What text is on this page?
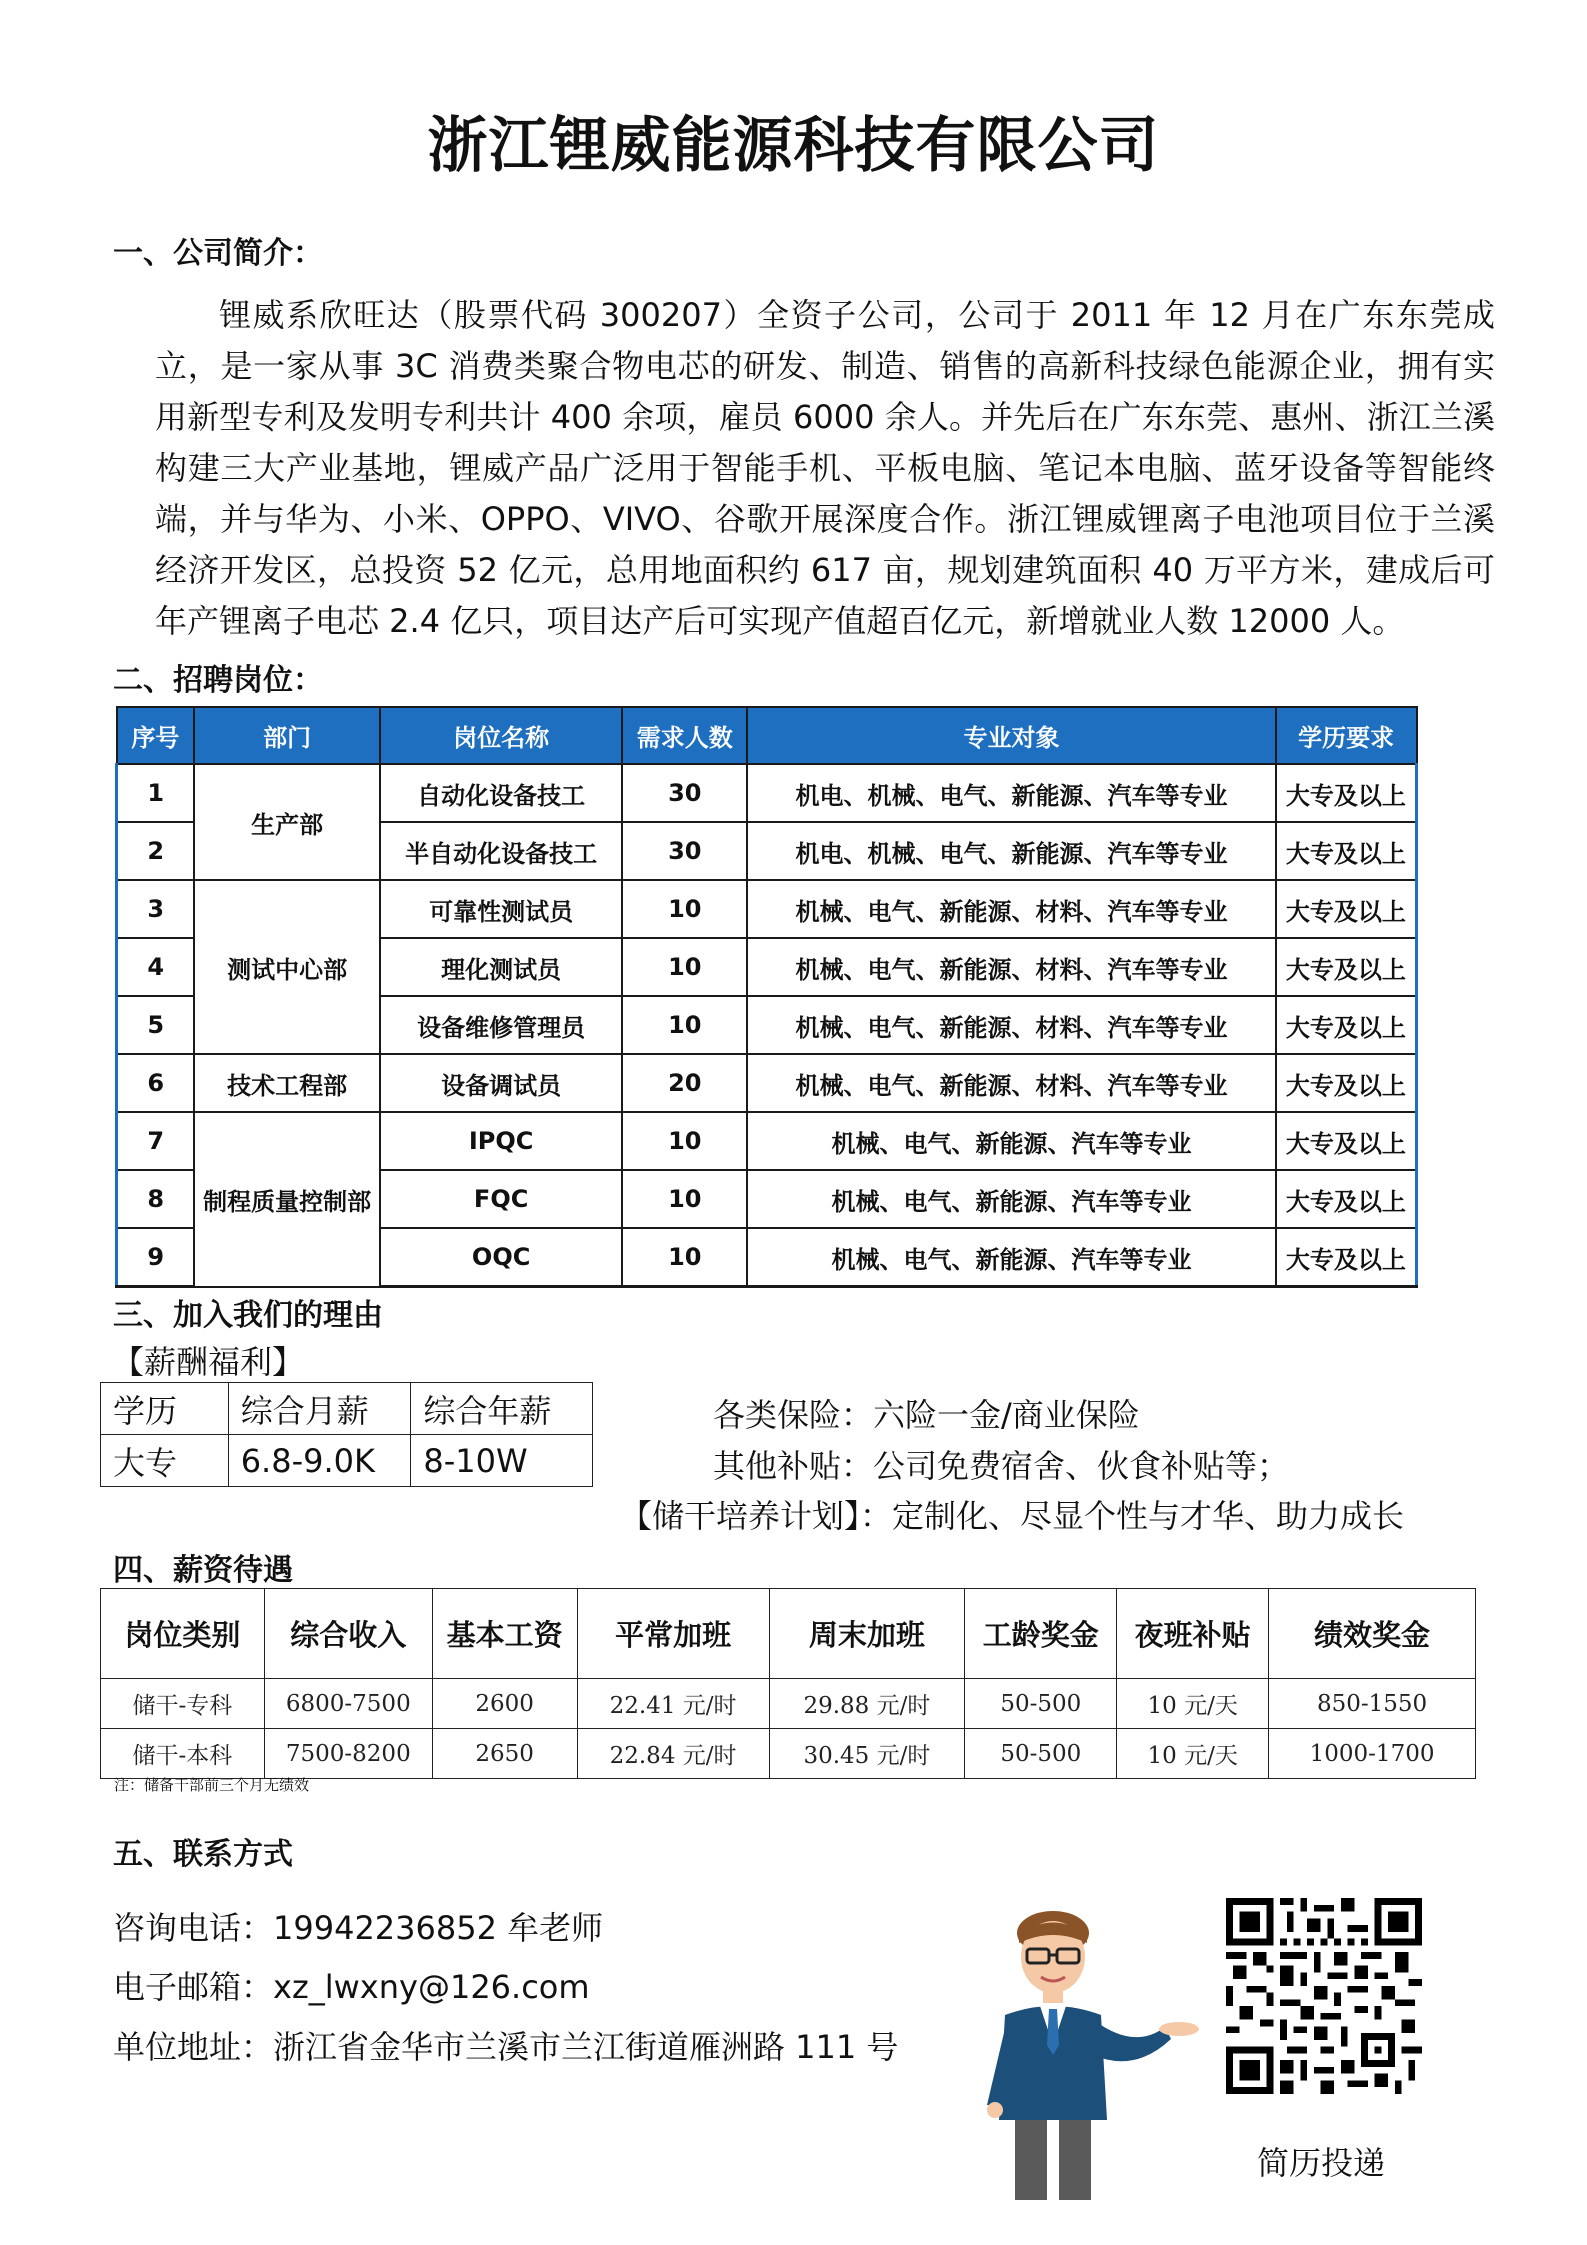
浙江锂威能源科技有限公司
一、公司简介：
锂威系欣旺达（股票代码 300207）全资子公司，公司于 2011 年 12 月在广东东莞成立，是一家从事 3C 消费类聚合物电芯的研发、制造、销售的高新科技绿色能源企业，拥有实用新型专利及发明专利共计 400 余项，雇员 6000 余人。并先后在广东东莞、惠州、浙江兰溪构建三大产业基地，锂威产品广泛用于智能手机、平板电脑、笔记本电脑、蓝牙设备等智能终端，并与华为、小米、OPPO、VIVO、谷歌开展深度合作。浙江锂威锂离子电池项目位于兰溪经济开发区，总投资 52 亿元，总用地面积约 617 亩，规划建筑面积 40 万平方米，建成后可年产锂离子电芯 2.4 亿只，项目达产后可实现产值超百亿元，新增就业人数 12000 人。
二、招聘岗位：
序号	部门	岗位名称	需求人数	专业对象	学历要求
1	生产部	自动化设备技工	30	机电、机械、电气、新能源、汽车等专业	大专及以上
2		半自动化设备技工	30	机电、机械、电气、新能源、汽车等专业	大专及以上
3	测试中心部	可靠性测试员	10	机械、电气、新能源、材料、汽车等专业	大专及以上
4		理化测试员	10	机械、电气、新能源、材料、汽车等专业	大专及以上
5		设备维修管理员	10	机械、电气、新能源、材料、汽车等专业	大专及以上
6	技术工程部	设备调试员	20	机械、电气、新能源、材料、汽车等专业	大专及以上
7	制程质量控制部	IPQC	10	机械、电气、新能源、汽车等专业	大专及以上
8		FQC	10	机械、电气、新能源、汽车等专业	大专及以上
9		OQC	10	机械、电气、新能源、汽车等专业	大专及以上
三、加入我们的理由
【薪酬福利】
学历	综合月薪	综合年薪
大专	6.8-9.0K	8-10W
各类保险：六险一金/商业保险
其他补贴：公司免费宿舍、伙食补贴等；
【储干培养计划】：定制化、尽显个性与才华、助力成长
四、薪资待遇
岗位类别	综合收入	基本工资	平常加班	周末加班	工龄奖金	夜班补贴	绩效奖金
储干-专科	6800-7500	2600	22.41 元/时	29.88 元/时	50-500	10 元/天	850-1550
储干-本科	7500-8200	2650	22.84 元/时	30.45 元/时	50-500	10 元/天	1000-1700
注：储备干部前三个月无绩效
五、联系方式
咨询电话：19942236852 牟老师
电子邮箱：xz_lwxny@126.com
单位地址：浙江省金华市兰溪市兰江街道雁洲路 111 号
简历投递
